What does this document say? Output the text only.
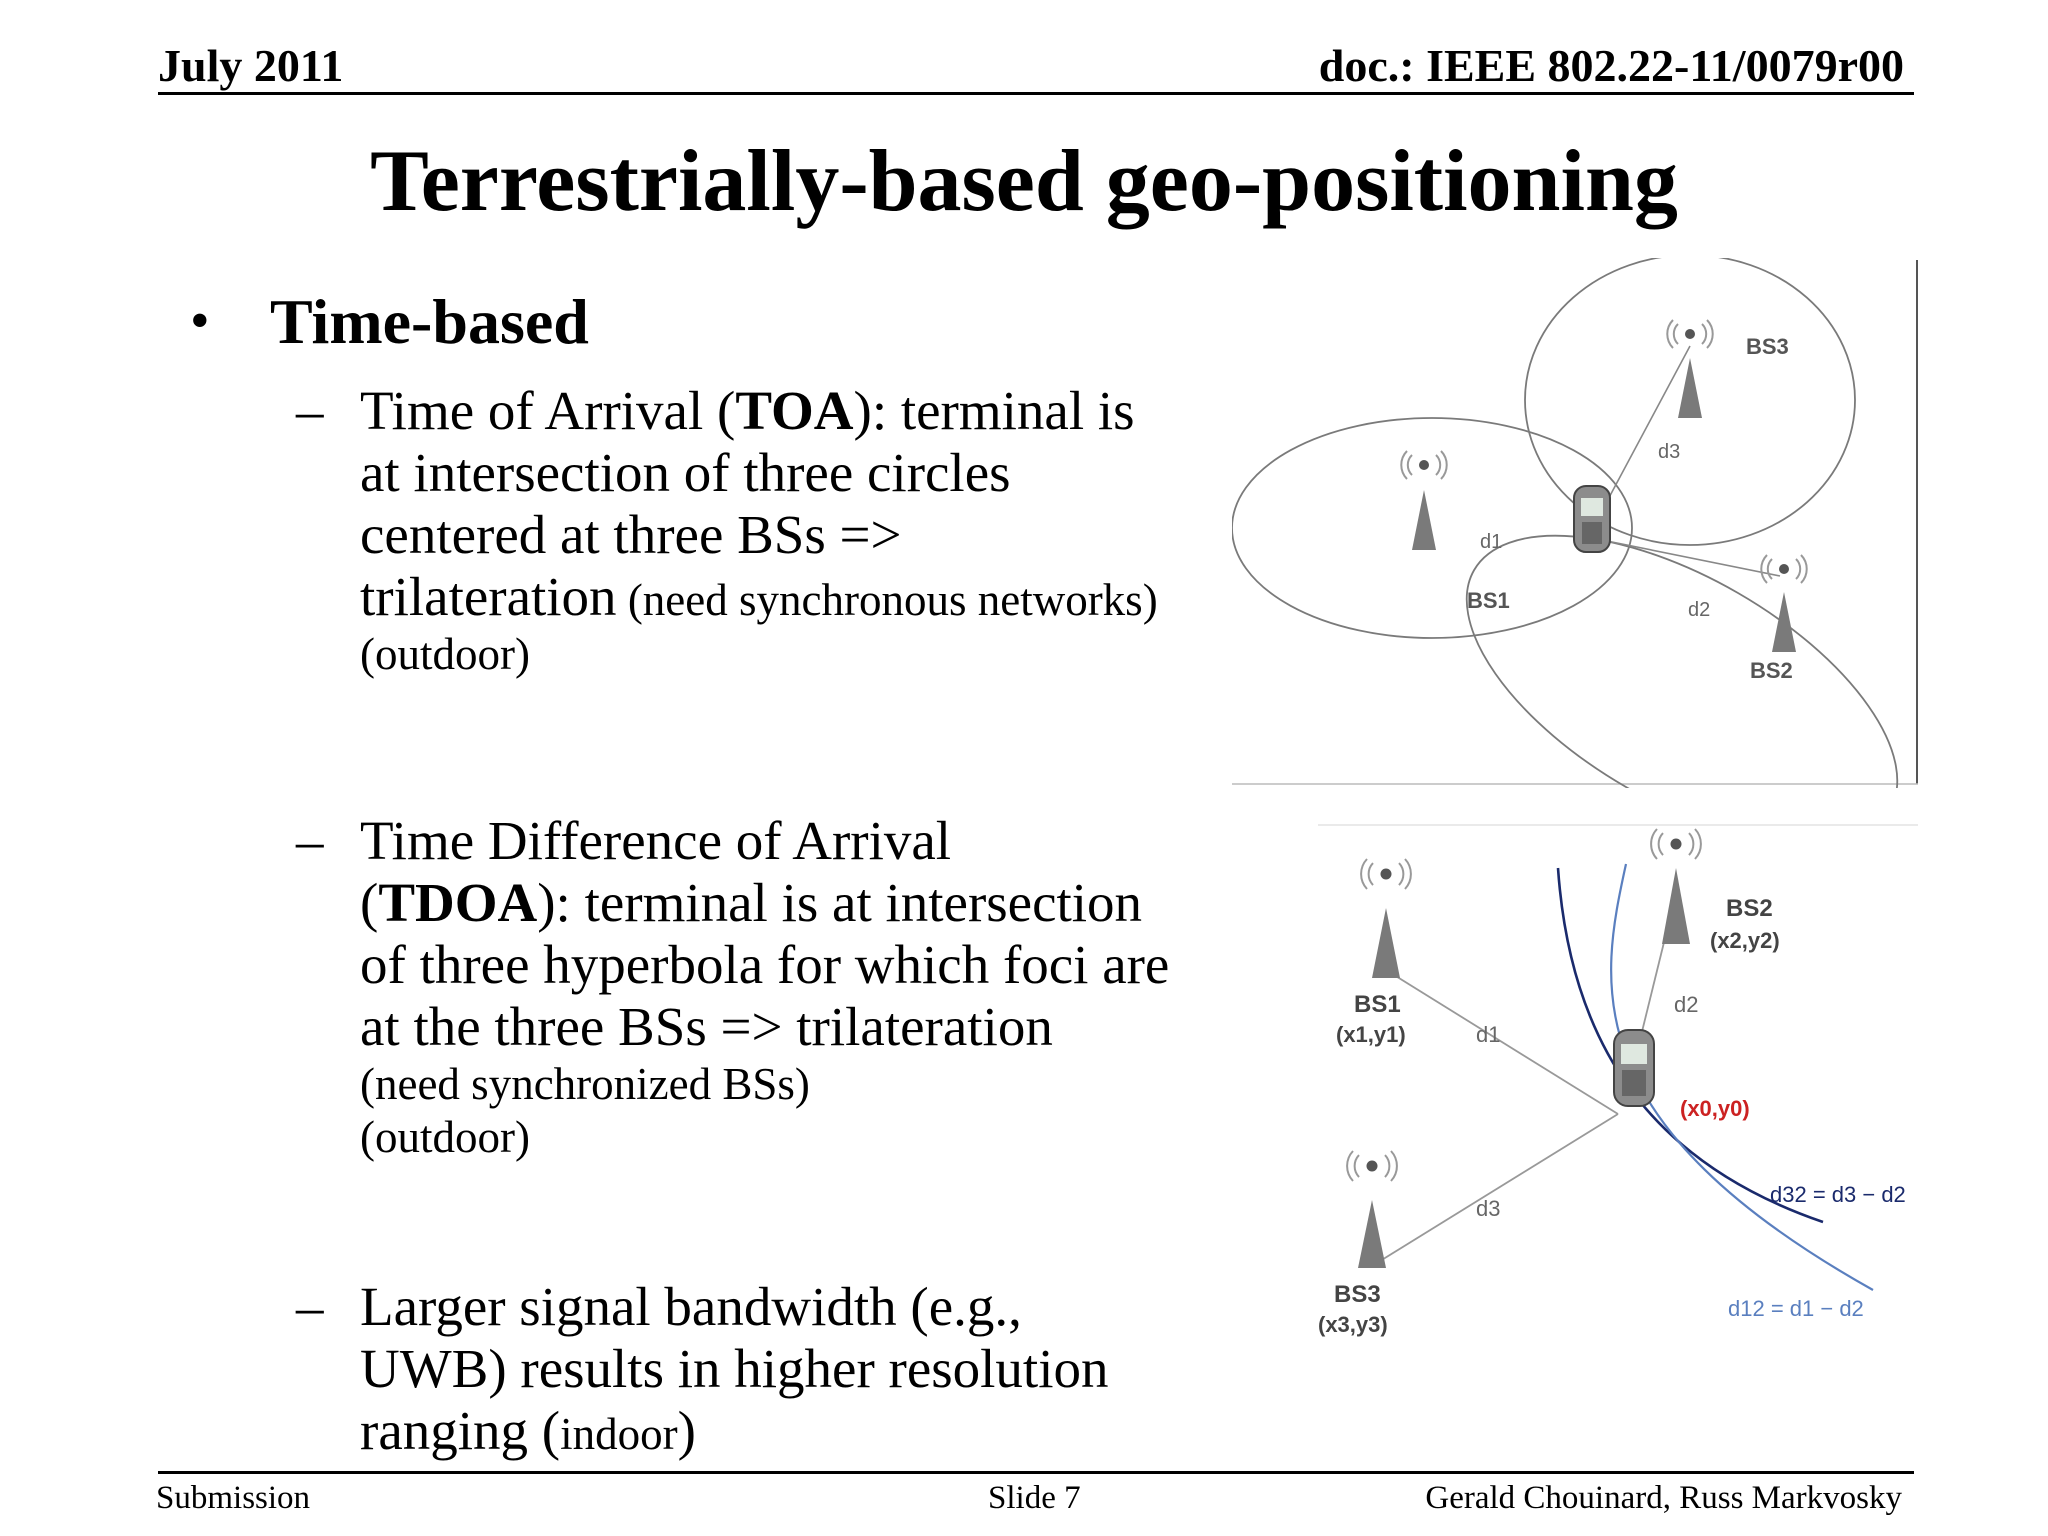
July 2011	doc.: IEEE 802.22-11/0079r00
Terrestrially-based geo-positioning
• Time-based
– Time of Arrival (TOA): terminal is at intersection of three circles centered at three BSs => trilateration (need synchronous networks)
(outdoor)
– Time Difference of Arrival (TDOA): terminal is at intersection of three hyperbola for which foci are at the three BSs => trilateration
(need synchronized BSs)
(outdoor)
– Larger signal bandwidth (e.g., UWB) results in higher resolution ranging (indoor)
BS1
BS2
BS3
d1
d2
d3
BS1
(x1,y1)
BS2
(x2,y2)
BS3
(x3,y3)
d1
d2
d3
(x0,y0)
d32 = d3 − d2
d12 = d1 − d2
Submission	Slide 7	Gerald Chouinard, Russ Markvosky
